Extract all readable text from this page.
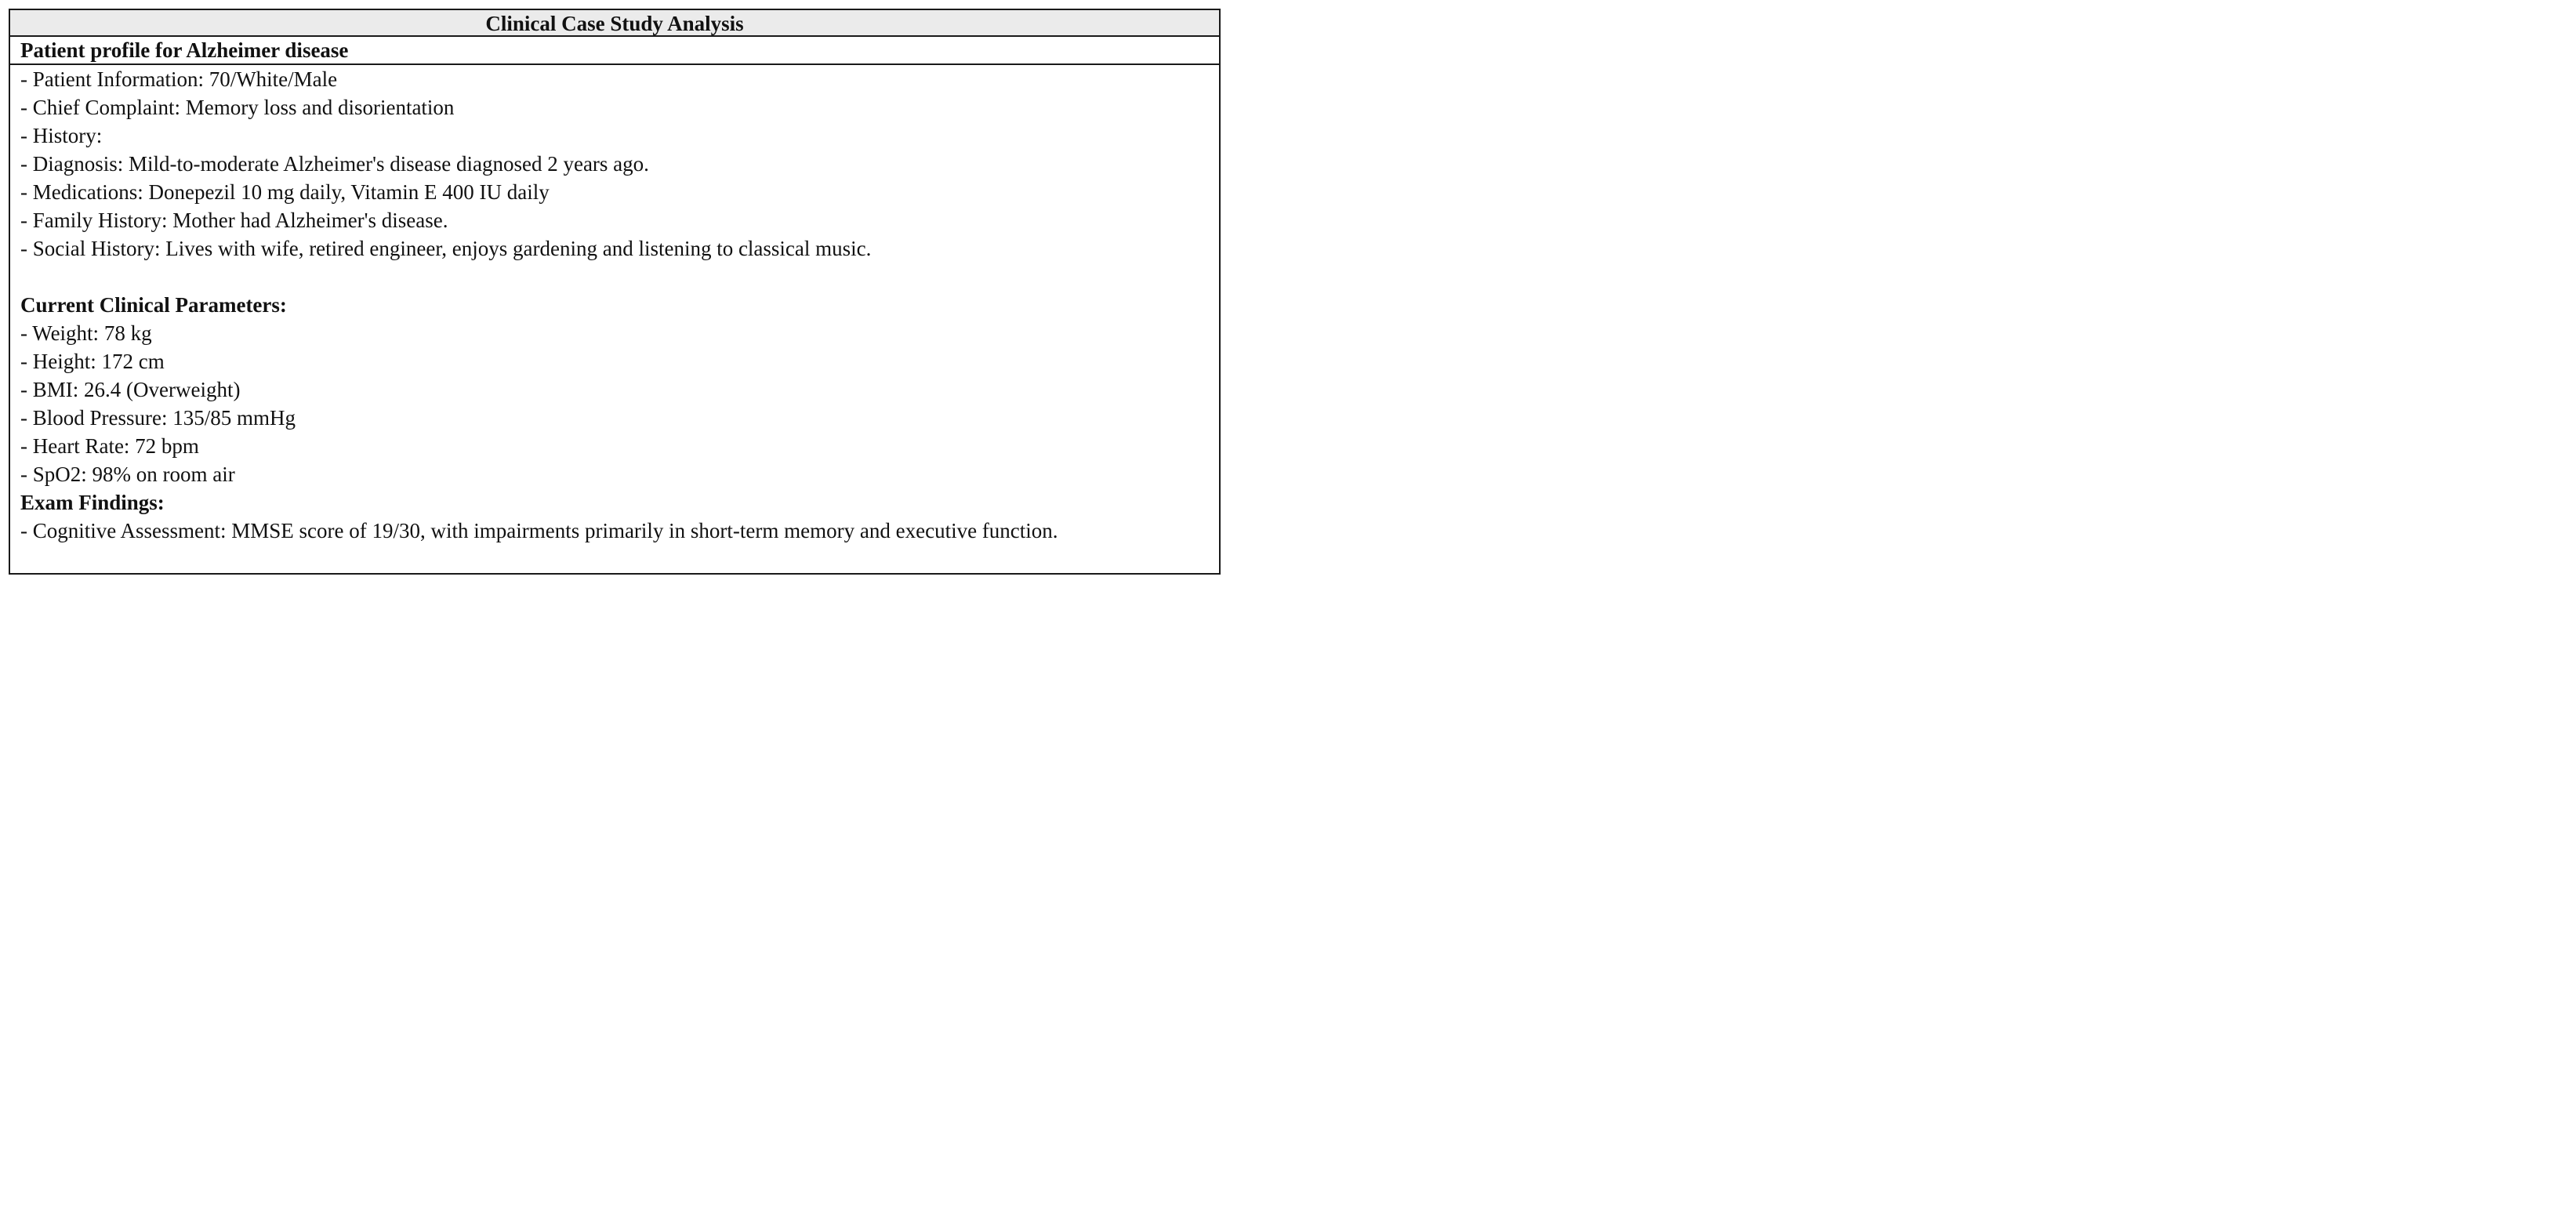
Clinical Case Study Analysis
Patient profile for Alzheimer disease
- Patient Information: 70/White/Male
- Chief Complaint: Memory loss and disorientation
- History:
- Diagnosis: Mild-to-moderate Alzheimer's disease diagnosed 2 years ago.
- Medications: Donepezil 10 mg daily, Vitamin E 400 IU daily
- Family History: Mother had Alzheimer's disease.
- Social History: Lives with wife, retired engineer, enjoys gardening and listening to classical music.
Current Clinical Parameters:
- Weight: 78 kg
- Height: 172 cm
- BMI: 26.4 (Overweight)
- Blood Pressure: 135/85 mmHg
- Heart Rate: 72 bpm
- SpO2: 98% on room air
Exam Findings:
- Cognitive Assessment: MMSE score of 19/30, with impairments primarily in short-term memory and executive function.
